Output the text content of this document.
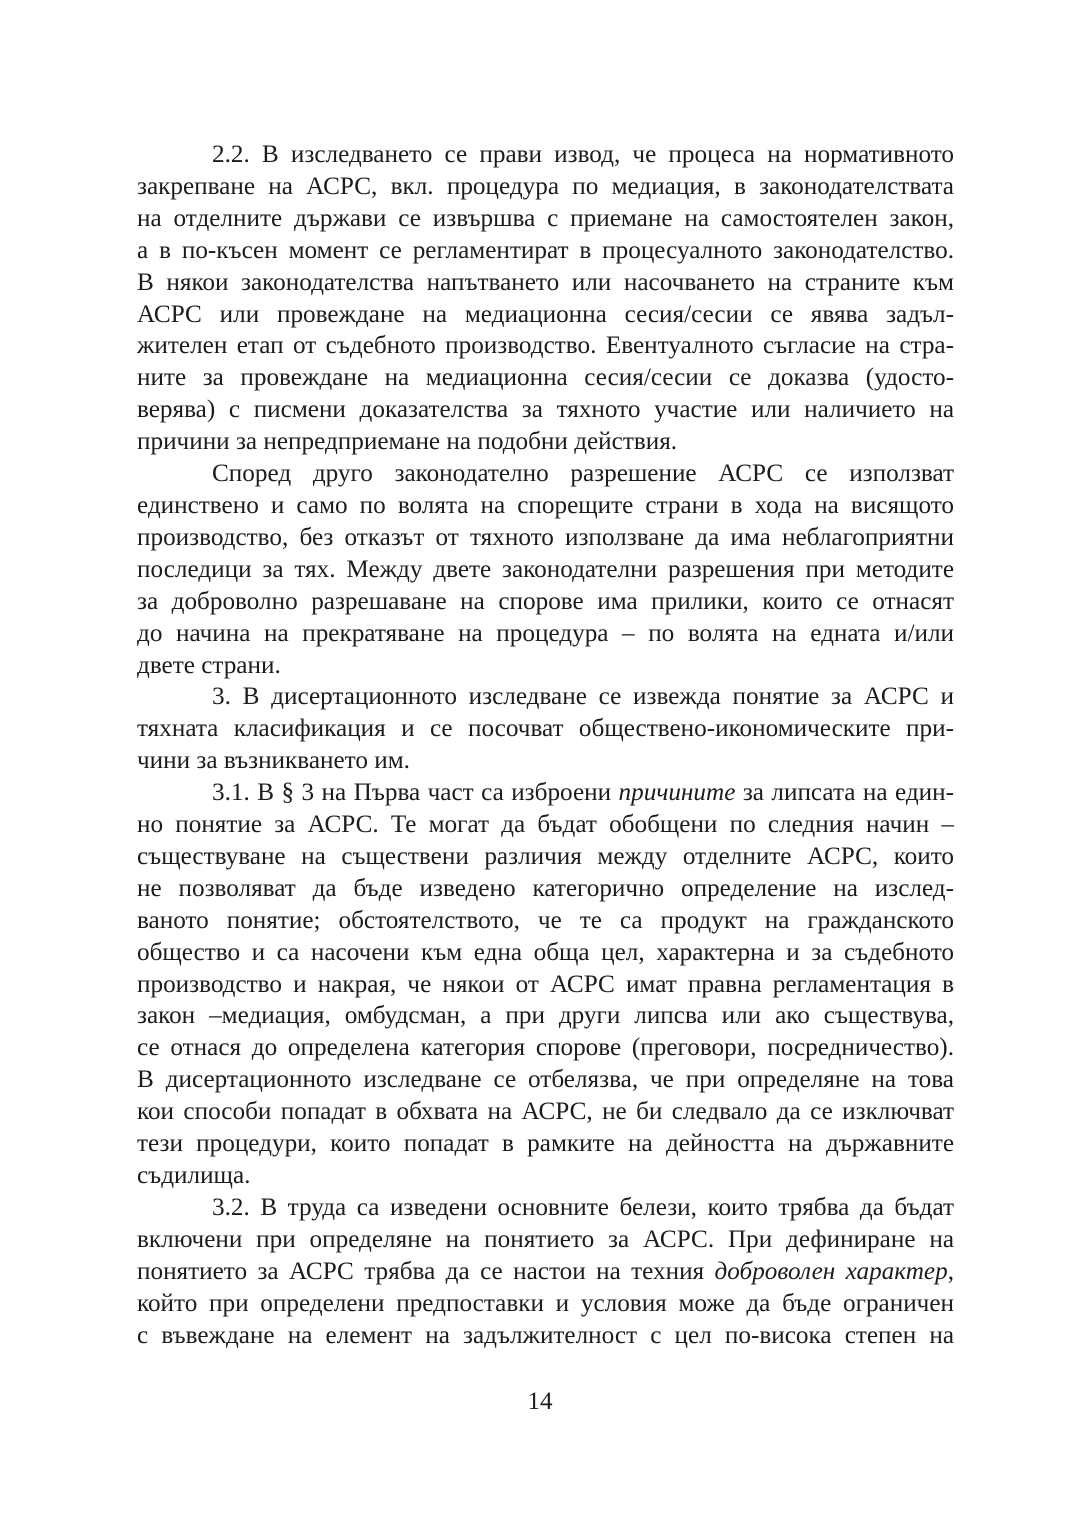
2.2. В изследването се прави извод, че процеса на нормативното
закрепване на АСРС, вкл. процедура по медиация, в законодателствата
на отделните държави се извършва с приемане на самостоятелен закон,
а в по-късен момент се регламентират в процесуалното законодателство.
В някои законодателства напътването или насочването на страните към
АСРС или провеждане на медиационна сесия/сесии се явява задъл-
жителен етап от съдебното производство. Евентуалното съгласие на стра-
ните за провеждане на медиационна сесия/сесии се доказва (удосто-
верява) с писмени доказателства за тяхното участие или наличието на
причини за непредприемане на подобни действия.

Според друго законодателно разрешение АСРС се използват
единствено и само по волята на спорещите страни в хода на висящото
производство, без отказът от тяхното използване да има неблагоприятни
последици за тях. Между двете законодателни разрешения при методите
за доброволно разрешаване на спорове има прилики, които се отнасят
до начина на прекратяване на процедура – по волята на едната и/или
двете страни.

3. В дисертационното изследване се извежда понятие за АСРС и
тяхната класификация и се посочват обществено-икономическите при-
чини за възникването им.

3.1. В § 3 на Първа част са изброени причините за липсата на един-
но понятие за АСРС. Те могат да бъдат обобщени по следния начин –
съществуване на съществени различия между отделните АСРС, които
не позволяват да бъде изведено категорично определение на изслед-
ваното понятие; обстоятелството, че те са продукт на гражданското
общество и са насочени към една обща цел, характерна и за съдебното
производство и накрая, че някои от АСРС имат правна регламентация в
закон –медиация, омбудсман, а при други липсва или ако съществува,
се отнася до определена категория спорове (преговори, посредничество).
В дисертационното изследване се отбелязва, че при определяне на това
кои способи попадат в обхвата на АСРС, не би следвало да се изключват
тези процедури, които попадат в рамките на дейността на държавните
съдилища.

3.2. В труда са изведени основните белези, които трябва да бъдат
включени при определяне на понятието за АСРС. При дефиниране на
понятието за АСРС трябва да се настои на техния доброволен характер,
който при определени предпоставки и условия може да бъде ограничен
с въвеждане на елемент на задължителност с цел по-висока степен на

14
